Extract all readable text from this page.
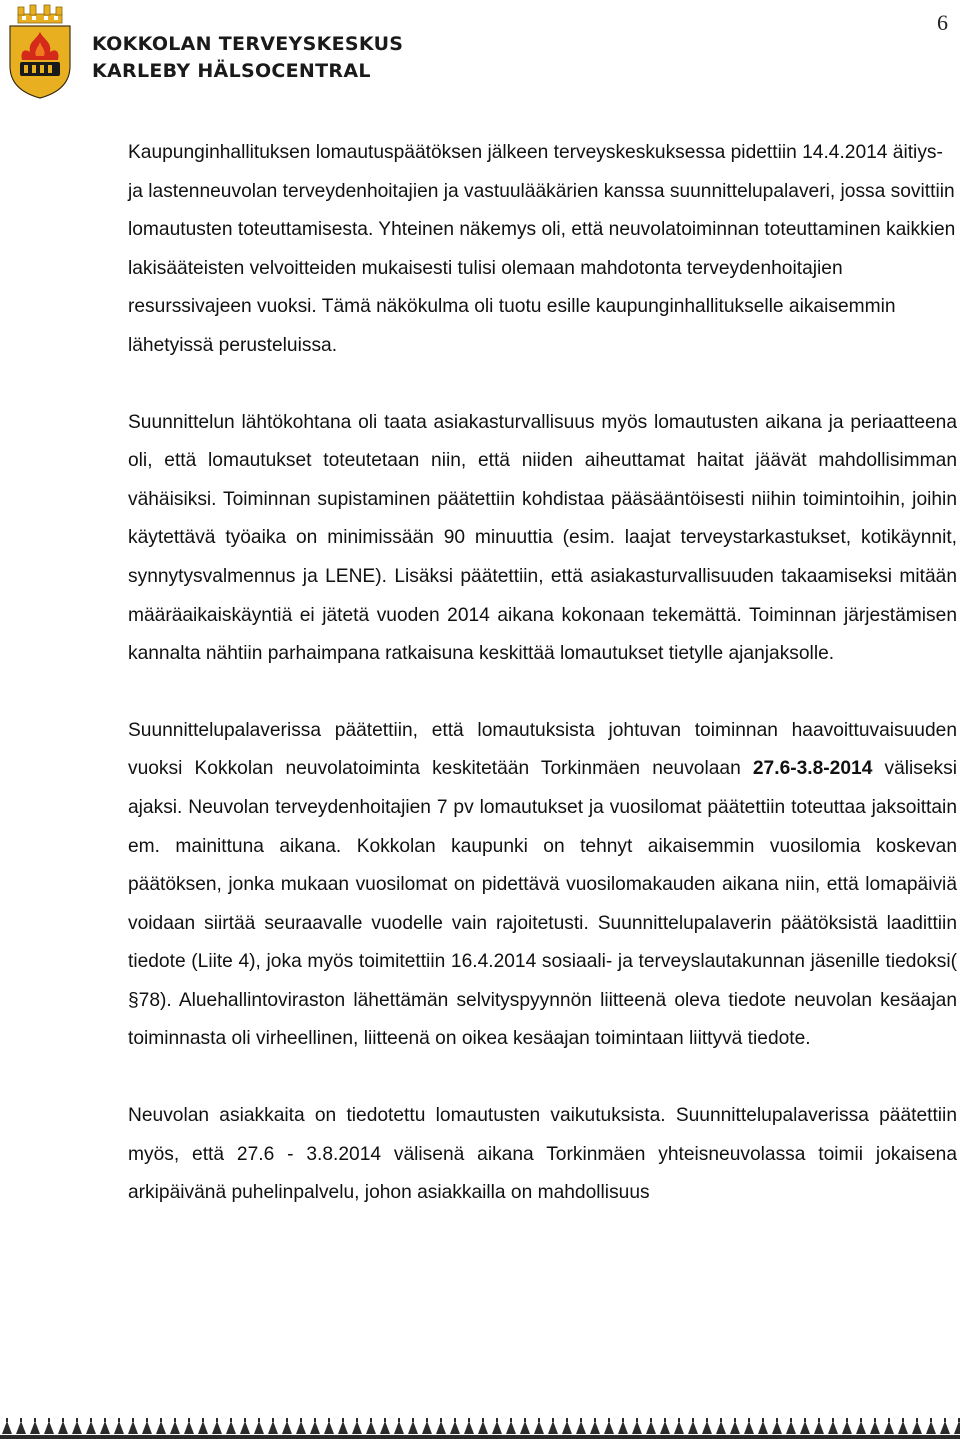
KOKKOLAN TERVEYSKESKUS
KARLEBY HÄLSOCENTRAL
6

Kaupunginhallituksen lomautuspäätöksen jälkeen terveyskeskuksessa pidettiin 14.4.2014 äitiys- ja lastenneuvolan terveydenhoitajien ja vastuulääkärien kanssa suunnittelupalaveri, jossa sovittiin lomautusten toteuttamisesta. Yhteinen näkemys oli, että neuvolatoiminnan toteuttaminen kaikkien lakisääteisten velvoitteiden mukaisesti tulisi olemaan mahdotonta terveydenhoitajien resurssivajeen vuoksi. Tämä näkökulma oli tuotu esille kaupunginhallitukselle aikaisemmin lähetyissä perusteluissa.

Suunnittelun lähtökohtana oli taata asiakasturvallisuus myös lomautusten aikana ja periaatteena oli, että lomautukset toteutetaan niin, että niiden aiheuttamat haitat jäävät mahdollisimman vähäisiksi. Toiminnan supistaminen päätettiin kohdistaa pääsääntöisesti niihin toimintoihin, joihin käytettävä työaika on minimissään 90 minuuttia (esim. laajat terveystarkastukset, kotikäynnit, synnytysvalmennus ja LENE). Lisäksi päätettiin, että asiakasturvallisuuden takaamiseksi mitään määräaikaiskäyntiä ei jätetä vuoden 2014 aikana kokonaan tekemättä. Toiminnan järjestämisen kannalta nähtiin parhaimpana ratkaisuna keskittää lomautukset tietylle ajanjaksolle.

Suunnittelupalaverissa päätettiin, että lomautuksista johtuvan toiminnan haavoittuvaisuuden vuoksi Kokkolan neuvolatoiminta keskitetään Torkinmäen neuvolaan 27.6-3.8-2014 väliseksi ajaksi. Neuvolan terveydenhoitajien 7 pv lomautukset ja vuosilomat päätettiin toteuttaa jaksoittain em. mainittuna aikana. Kokkolan kaupunki on tehnyt aikaisemmin vuosilomia koskevan päätöksen, jonka mukaan vuosilomat on pidettävä vuosilomakauden aikana niin, että lomapäiviä voidaan siirtää seuraavalle vuodelle vain rajoitetusti. Suunnittelupalaverin päätöksistä laadittiin tiedote (Liite 4), joka myös toimitettiin 16.4.2014 sosiaali- ja terveyslautakunnan jäsenille tiedoksi( §78). Aluehallintoviraston lähettämän selvityspyynnön liitteenä oleva tiedote neuvolan kesäajan toiminnasta oli virheellinen, liitteenä on oikea kesäajan toimintaan liittyvä tiedote.

Neuvolan asiakkaita on tiedotettu lomautusten vaikutuksista. Suunnittelupalaverissa päätettiin myös, että 27.6 - 3.8.2014 välisenä aikana Torkinmäen yhteisneuvolassa toimii jokaisena arkipäivänä puhelinpalvelu, johon asiakkailla on mahdollisuus
